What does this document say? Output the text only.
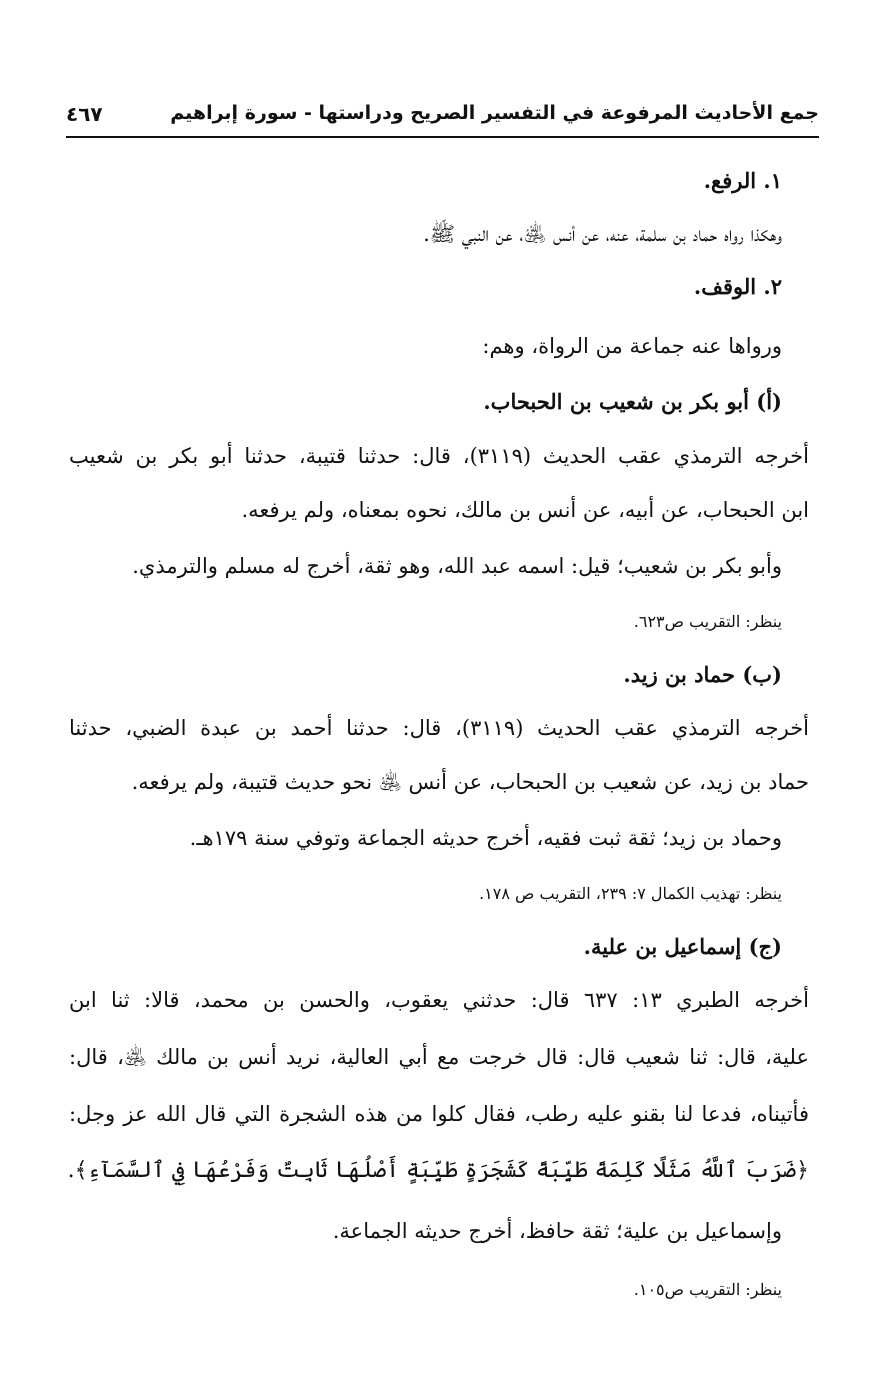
جمع الأحاديث المرفوعة في التفسير الصريح ودراستها - سورة إبراهيم
٤٦٧
١. الرفع.
وهكذا رواه حماد بن سلمة، عنه، عن أنس ﵁، عن النبي ﷺ.
٢. الوقف.
ورواها عنه جماعة من الرواة، وهم:
(أ) أبو بكر بن شعيب بن الحبحاب.
أخرجه الترمذي عقب الحديث (٣١١٩)، قال: حدثنا قتيبة، حدثنا أبو بكر بن شعيب
ابن الحبحاب، عن أبيه، عن أنس بن مالك، نحوه بمعناه، ولم يرفعه.
وأبو بكر بن شعيب؛ قيل: اسمه عبد الله، وهو ثقة، أخرج له مسلم والترمذي.
ينظر: التقريب ص٦٢٣.
(ب) حماد بن زيد.
أخرجه الترمذي عقب الحديث (٣١١٩)، قال: حدثنا أحمد بن عبدة الضبي، حدثنا
حماد بن زيد، عن شعيب بن الحبحاب، عن أنس ﵁ نحو حديث قتيبة، ولم يرفعه.
وحماد بن زيد؛ ثقة ثبت فقيه، أخرج حديثه الجماعة وتوفي سنة ١٧٩هـ.
ينظر: تهذيب الكمال ٧: ٢٣٩، التقريب ص ١٧٨.
(ج) إسماعيل بن علية.
أخرجه الطبري ١٣: ٦٣٧ قال: حدثني يعقوب، والحسن بن محمد، قالا: ثنا ابن
علية، قال: ثنا شعيب قال: قال خرجت مع أبي العالية، نريد أنس بن مالك ﵁، قال:
فأتيناه، فدعا لنا بقنو عليه رطب، فقال كلوا من هذه الشجرة التي قال الله عز وجل:
﴿ضَرَبَ ٱللَّهُ مَثَلًا كَلِمَةً طَيِّبَةً كَشَجَرَةٍ طَيِّبَةٍ أَصْلُهَا ثَابِتٌ وَفَرْعُهَا فِي ٱلسَّمَآءِ﴾.
وإسماعيل بن علية؛ ثقة حافظ، أخرج حديثه الجماعة.
ينظر: التقريب ص١٠٥.
